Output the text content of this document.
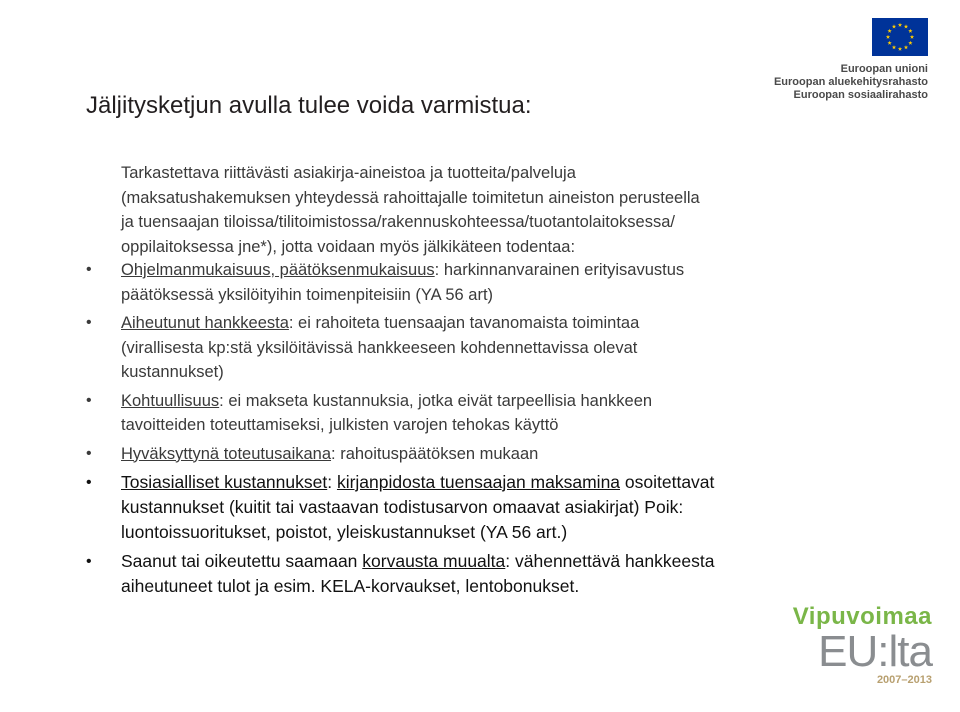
Jäljitysketjun avulla tulee voida varmistua:
Tarkastettava riittävästi asiakirja-aineistoa ja tuotteita/palveluja
(maksatushakemuksen yhteydessä rahoittajalle toimitetun aineiston perusteella
ja tuensaajan tiloissa/tilitoimistossa/rakennuskohteessa/tuotantolaitoksessa/
oppilaitoksessa jne*), jotta voidaan myös jälkikäteen todentaa:
• Ohjelmanmukaisuus, päätöksenmukaisuus: harkinnanvarainen erityisavustus
päätöksessä yksilöityihin toimenpiteisiin (YA 56 art)
• Aiheutunut hankkeesta: ei rahoiteta tuensaajan tavanomaista toimintaa
(virallisesta kp:stä yksilöitävissä hankkeeseen kohdennettavissa olevat
kustannukset)
• Kohtuullisuus: ei makseta kustannuksia, jotka eivät tarpeellisia hankkeen
tavoitteiden toteuttamiseksi, julkisten varojen tehokas käyttö
• Hyväksyttynä toteutusaikana: rahoituspäätöksen mukaan
• Tosiasialliset kustannukset: kirjanpidosta tuensaajan maksamina osoitettavat
kustannukset (kuitit tai vastaavan todistusarvon omaavat asiakirjat) Poik:
luontoissuoritukset, poistot, yleiskustannukset (YA 56 art.)
• Saanut tai oikeutettu saamaan korvausta muualta: vähennettävä hankkeesta
aiheutuneet tulot ja esim. KELA-korvaukset, lentobonukset.
Euroopan unioni
Euroopan aluekehitysrahasto
Euroopan sosiaalirahasto
Vipuvoimaa
EU:lta
2007–2013
